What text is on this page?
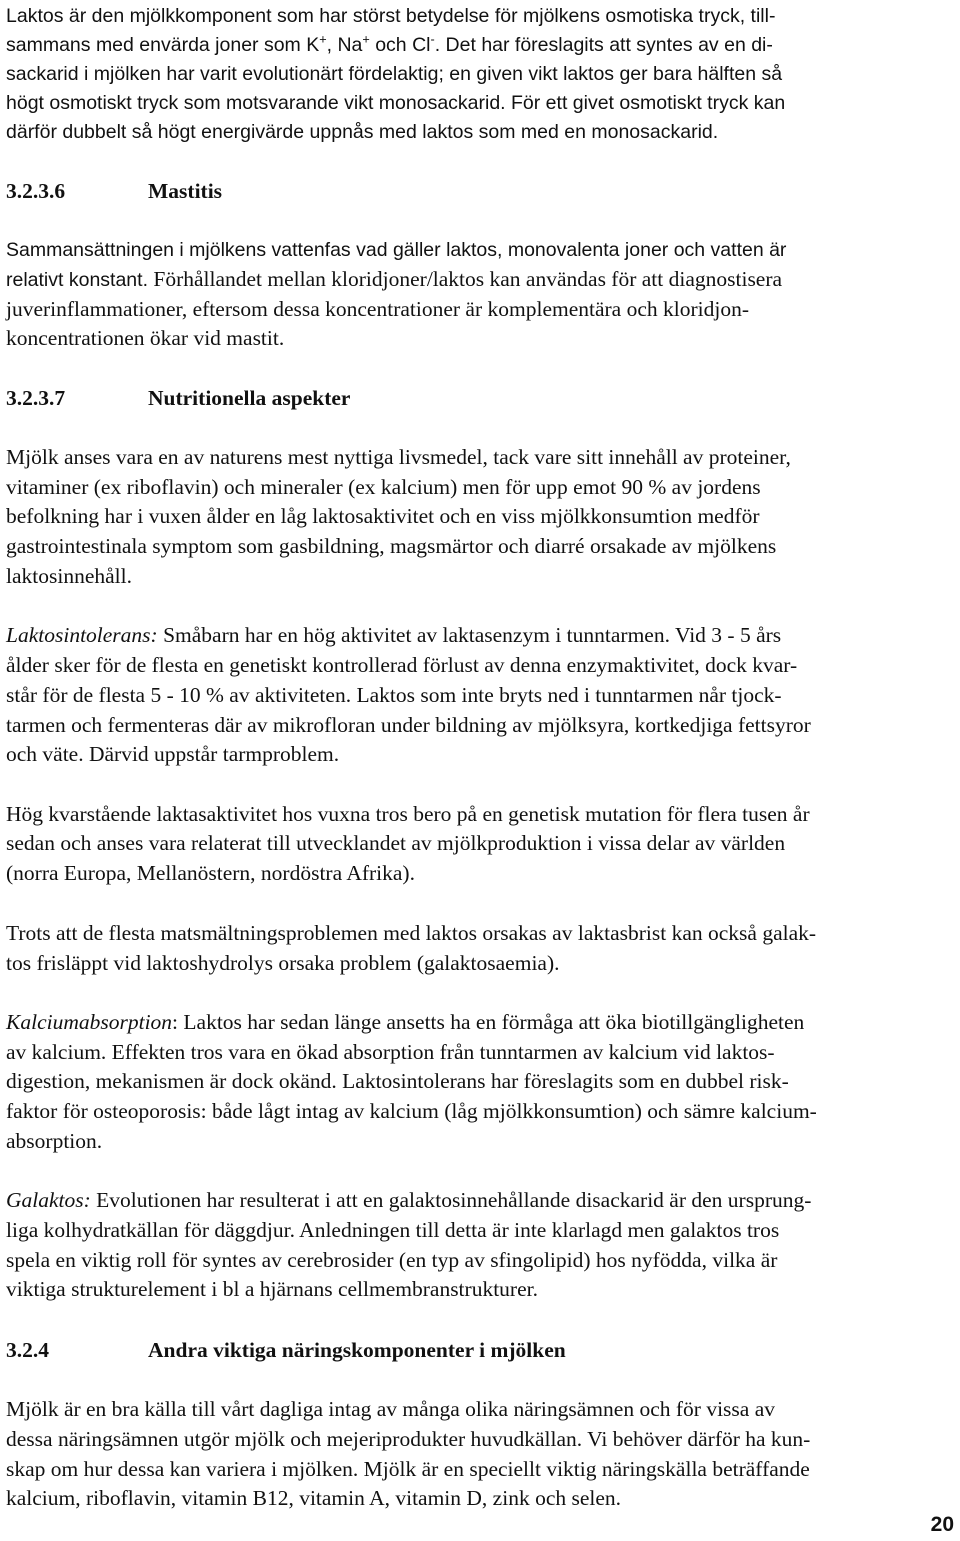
Laktos är den mjölkkomponent som har störst betydelse för mjölkens osmotiska tryck, till-
sammans med envärda joner som K+, Na+ och Cl-. Det har föreslagits att syntes av en di-
sackarid i mjölken har varit evolutionärt fördelaktig; en given vikt laktos ger bara hälften så
högt osmotiskt tryck som motsvarande vikt monosackarid. För ett givet osmotiskt tryck kan
därför dubbelt så högt energivärde uppnås med laktos som med en monosackarid.
3.2.3.6	Mastitis
Sammansättningen i mjölkens vattenfas vad gäller laktos, monovalenta joner och vatten är
relativt konstant. Förhållandet mellan kloridjoner/laktos kan användas för att diagnostisera
juverinflammationer, eftersom dessa koncentrationer är komplementära och kloridjon-
koncentrationen ökar vid mastit.
3.2.3.7	Nutritionella aspekter
Mjölk anses vara en av naturens mest nyttiga livsmedel, tack vare sitt innehåll av proteiner,
vitaminer (ex riboflavin) och mineraler (ex kalcium) men för upp emot 90 % av jordens
befolkning har i vuxen ålder en låg laktosaktivitet och en viss mjölkkonsumtion medför
gastrointestinala symptom som gasbildning, magsmärtor och diarré orsakade av mjölkens
laktosinnehåll.
Laktosintolerans: Småbarn har en hög aktivitet av laktasenzym i tunntarmen. Vid 3 - 5 års
ålder sker för de flesta en genetiskt kontrollerad förlust av denna enzymaktivitet, dock kvar-
står för de flesta 5 - 10 % av aktiviteten. Laktos som inte bryts ned i tunntarmen når tjock-
tarmen och fermenteras där av mikrofloran under bildning av mjölksyra, kortkedjiga fettsyror
och väte. Därvid uppstår tarmproblem.
Hög kvarstående laktasaktivitet hos vuxna tros bero på en genetisk mutation för flera tusen år
sedan och anses vara relaterat till utvecklandet av mjölkproduktion i vissa delar av världen
(norra Europa, Mellanöstern, nordöstra Afrika).
Trots att de flesta matsmältningsproblemen med laktos orsakas av laktasbrist kan också galak-
tos frisläppt vid laktoshydrolys orsaka problem (galaktosaemia).
Kalciumabsorption: Laktos har sedan länge ansetts ha en förmåga att öka biotillgängligheten
av kalcium. Effekten tros vara en ökad absorption från tunntarmen av kalcium vid laktos-
digestion, mekanismen är dock okänd. Laktosintolerans har föreslagits som en dubbel risk-
faktor för osteoporosis: både lågt intag av kalcium (låg mjölkkonsumtion) och sämre kalcium-
absorption.
Galaktos: Evolutionen har resulterat i att en galaktosinnehållande disackarid är den ursprung-
liga kolhydratkällan för däggdjur. Anledningen till detta är inte klarlagd men galaktos tros
spela en viktig roll för syntes av cerebrosider (en typ av sfingolipid) hos nyfödda, vilka är
viktiga strukturelement i bl a hjärnans cellmembranstrukturer.
3.2.4	Andra viktiga näringskomponenter i mjölken
Mjölk är en bra källa till vårt dagliga intag av många olika näringsämnen och för vissa av
dessa näringsämnen utgör mjölk och mejeriprodukter huvudkällan. Vi behöver därför ha kun-
skap om hur dessa kan variera i mjölken. Mjölk är en speciellt viktig näringskälla beträffande
kalcium, riboflavin, vitamin B12, vitamin A, vitamin D, zink och selen.
20
